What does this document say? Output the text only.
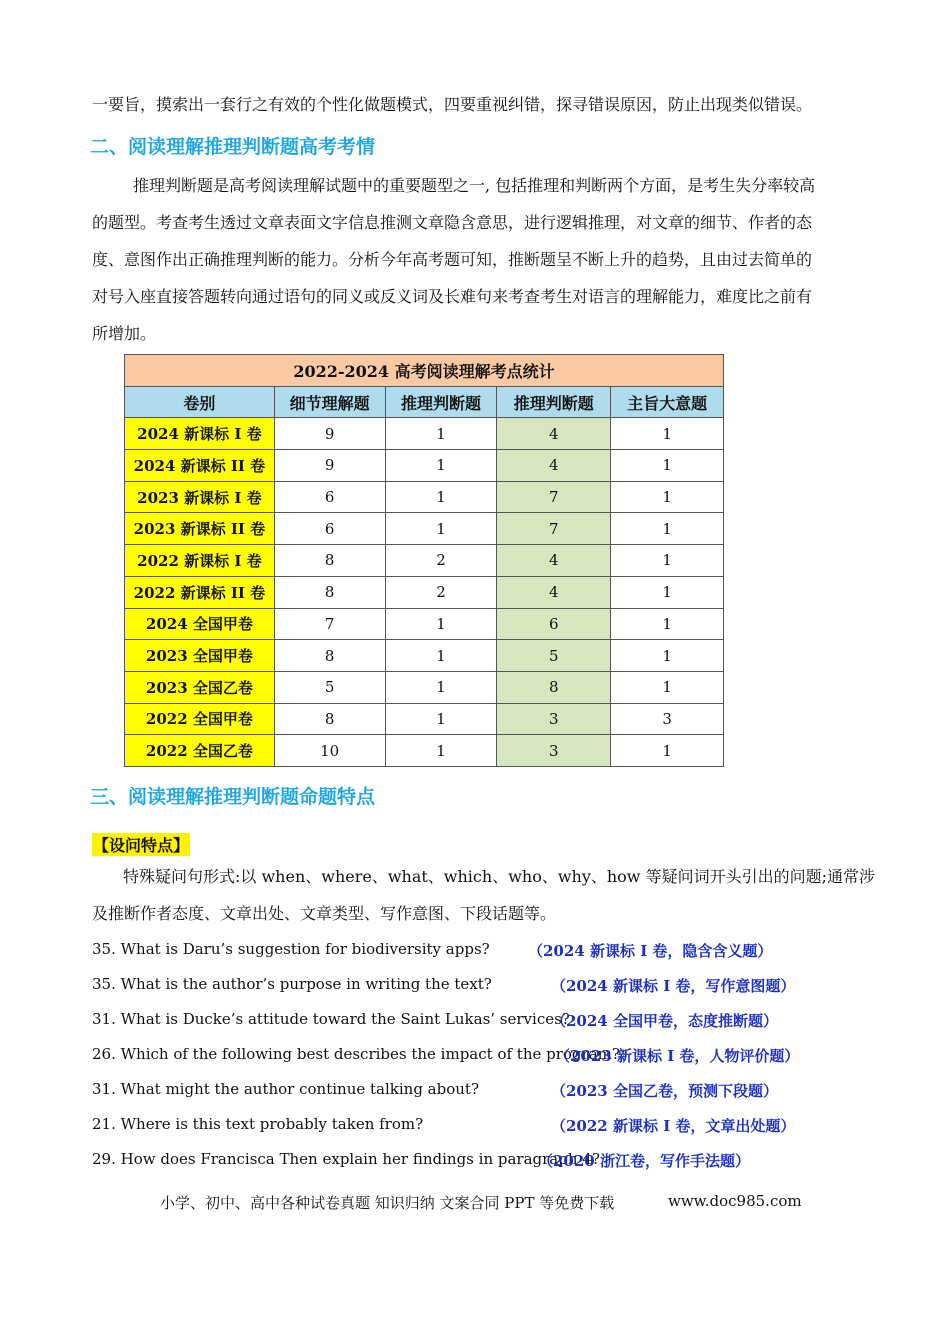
一要旨，摸索出一套行之有效的个性化做题模式，四要重视纠错，探寻错误原因，防止出现类似错误。
二、阅读理解推理判断题高考考情
推理判断题是高考阅读理解试题中的重要题型之一, 包括推理和判断两个方面，是考生失分率较高
的题型。考查考生透过文章表面文字信息推测文章隐含意思，进行逻辑推理，对文章的细节、作者的态
度、意图作出正确推理判断的能力。分析今年高考题可知，推断题呈不断上升的趋势，且由过去简单的
对号入座直接答题转向通过语句的同义或反义词及长难句来考查考生对语言的理解能力，难度比之前有
所增加。
2022-2024 高考阅读理解考点统计				
卷别	细节理解题	推理判断题	推理判断题	主旨大意题
2024 新课标 I 卷	9	1	4	1
2024 新课标 II 卷	9	1	4	1
2023 新课标 I 卷	6	1	7	1
2023 新课标 II 卷	6	1	7	1
2022 新课标 I 卷	8	2	4	1
2022 新课标 II 卷	8	2	4	1
2024 全国甲卷	7	1	6	1
2023 全国甲卷	8	1	5	1
2023 全国乙卷	5	1	8	1
2022 全国甲卷	8	1	3	3
2022 全国乙卷	10	1	3	1
三、阅读理解推理判断题命题特点
【设问特点】
特殊疑问句形式:以 when、where、what、which、who、why、how 等疑问词开头引出的问题;通常涉
及推断作者态度、文章出处、文章类型、写作意图、下段话题等。
35. What is Daru’s suggestion for biodiversity apps?	（2024 新课标 I 卷，隐含含义题）
35. What is the author’s purpose in writing the text?	（2024 新课标 I 卷，写作意图题）
31. What is Ducke’s attitude toward the Saint Lukas’ services?
（2024 全国甲卷，态度推断题）
26. Which of the following best describes the impact of the program?
（2023 新课标 I 卷，人物评价题）
31. What might the author continue talking about?	（2023 全国乙卷，预测下段题）
21. Where is this text probably taken from?	（2022 新课标 I 卷，文章出处题）
29. How does Francisca Then explain her findings in paragraph 4?
（2020 浙江卷，写作手法题）
小学、初中、高中各种试卷真题 知识归纳 文案合同 PPT 等免费下载	www.doc985.com
